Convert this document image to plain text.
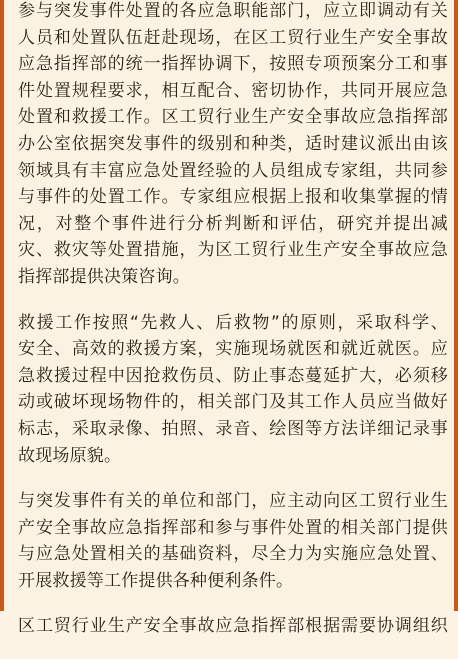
参与突发事件处置的各应急职能部门，应立即调动有关
人员和处置队伍赶赴现场，在区工贸行业生产安全事故
应急指挥部的统一指挥协调下，按照专项预案分工和事
件处置规程要求，相互配合、密切协作，共同开展应急
处置和救援工作。区工贸行业生产安全事故应急指挥部
办公室依据突发事件的级别和种类，适时建议派出由该
领域具有丰富应急处置经验的人员组成专家组，共同参
与事件的处置工作。专家组应根据上报和收集掌握的情
况，对整个事件进行分析判断和评估，研究并提出减
灾、救灾等处置措施，为区工贸行业生产安全事故应急
指挥部提供决策咨询。

救援工作按照“先救人、后救物”的原则，采取科学、
安全、高效的救援方案，实施现场就医和就近就医。应
急救援过程中因抢救伤员、防止事态蔓延扩大，必须移
动或破坏现场物件的，相关部门及其工作人员应当做好
标志，采取录像、拍照、录音、绘图等方法详细记录事
故现场原貌。

与突发事件有关的单位和部门，应主动向区工贸行业生
产安全事故应急指挥部和参与事件处置的相关部门提供
与应急处置相关的基础资料，尽全力为实施应急处置、
开展救援等工作提供各种便利条件。

区工贸行业生产安全事故应急指挥部根据需要协调组织
